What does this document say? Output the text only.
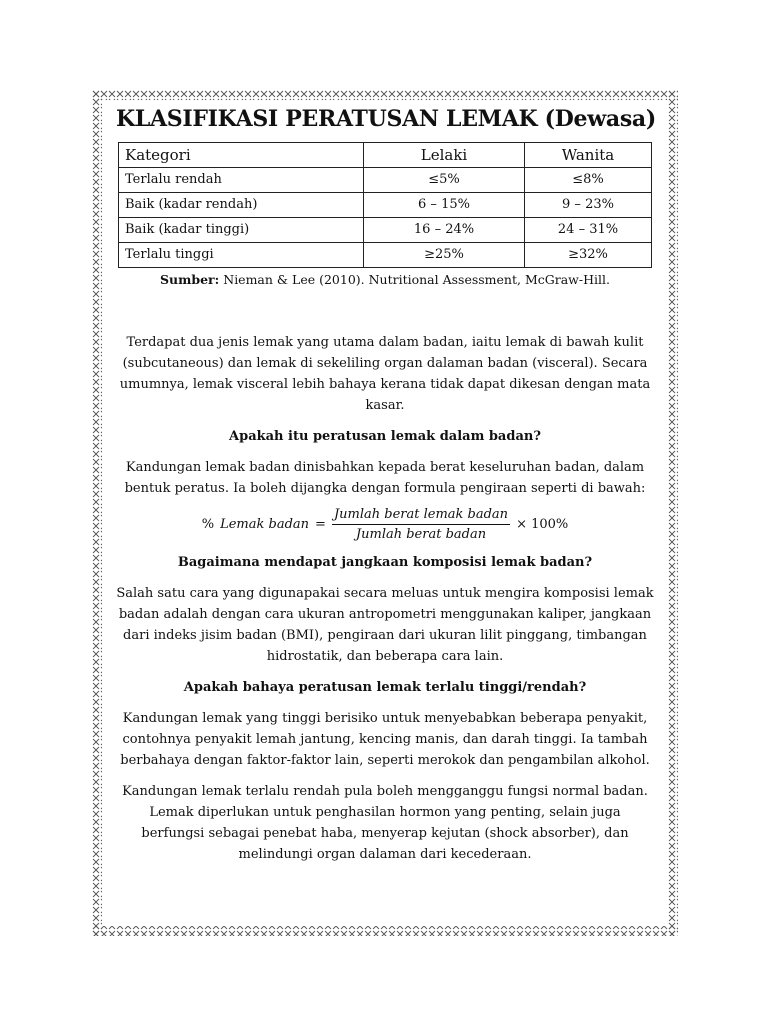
KLASIFIKASI PERATUSAN LEMAK (Dewasa)
Kategori	Lelaki	Wanita
Terlalu rendah	≤5%	≤8%
Baik (kadar rendah)	6 – 15%	9 – 23%
Baik (kadar tinggi)	16 – 24%	24 – 31%
Terlalu tinggi	≥25%	≥32%
Sumber: Nieman & Lee (2010). Nutritional Assessment, McGraw-Hill.

Terdapat dua jenis lemak yang utama dalam badan, iaitu lemak di bawah kulit (subcutaneous) dan lemak di sekeliling organ dalaman badan (visceral). Secara umumnya, lemak visceral lebih bahaya kerana tidak dapat dikesan dengan mata kasar.

Apakah itu peratusan lemak dalam badan?

Kandungan lemak badan dinisbahkan kepada berat keseluruhan badan, dalam bentuk peratus. Ia boleh dijangka dengan formula pengiraan seperti di bawah:

% Lemak badan = $\frac{\text{Jumlah berat lemak badan}}{\text{Jumlah berat badan}} \times 100\%$

Bagaimana mendapat jangkaan komposisi lemak badan?

Salah satu cara yang digunapakai secara meluas untuk mengira komposisi lemak badan adalah dengan cara ukuran antropometri menggunakan kaliper, jangkaan dari indeks jisim badan (BMI), pengiraan dari ukuran lilit pinggang, timbangan hidrostatik, dan beberapa cara lain.

Apakah bahaya peratusan lemak terlalu tinggi/rendah?

Kandungan lemak yang tinggi berisiko untuk menyebabkan beberapa penyakit, contohnya penyakit lemah jantung, kencing manis, dan darah tinggi. Ia tambah berbahaya dengan faktor-faktor lain, seperti merokok dan pengambilan alkohol.

Kandungan lemak terlalu rendah pula boleh mengganggu fungsi normal badan. Lemak diperlukan untuk penghasilan hormon yang penting, selain juga berfungsi sebagai penebat haba, menyerap kejutan (shock absorber), dan melindungi organ dalaman dari kecederaan.
